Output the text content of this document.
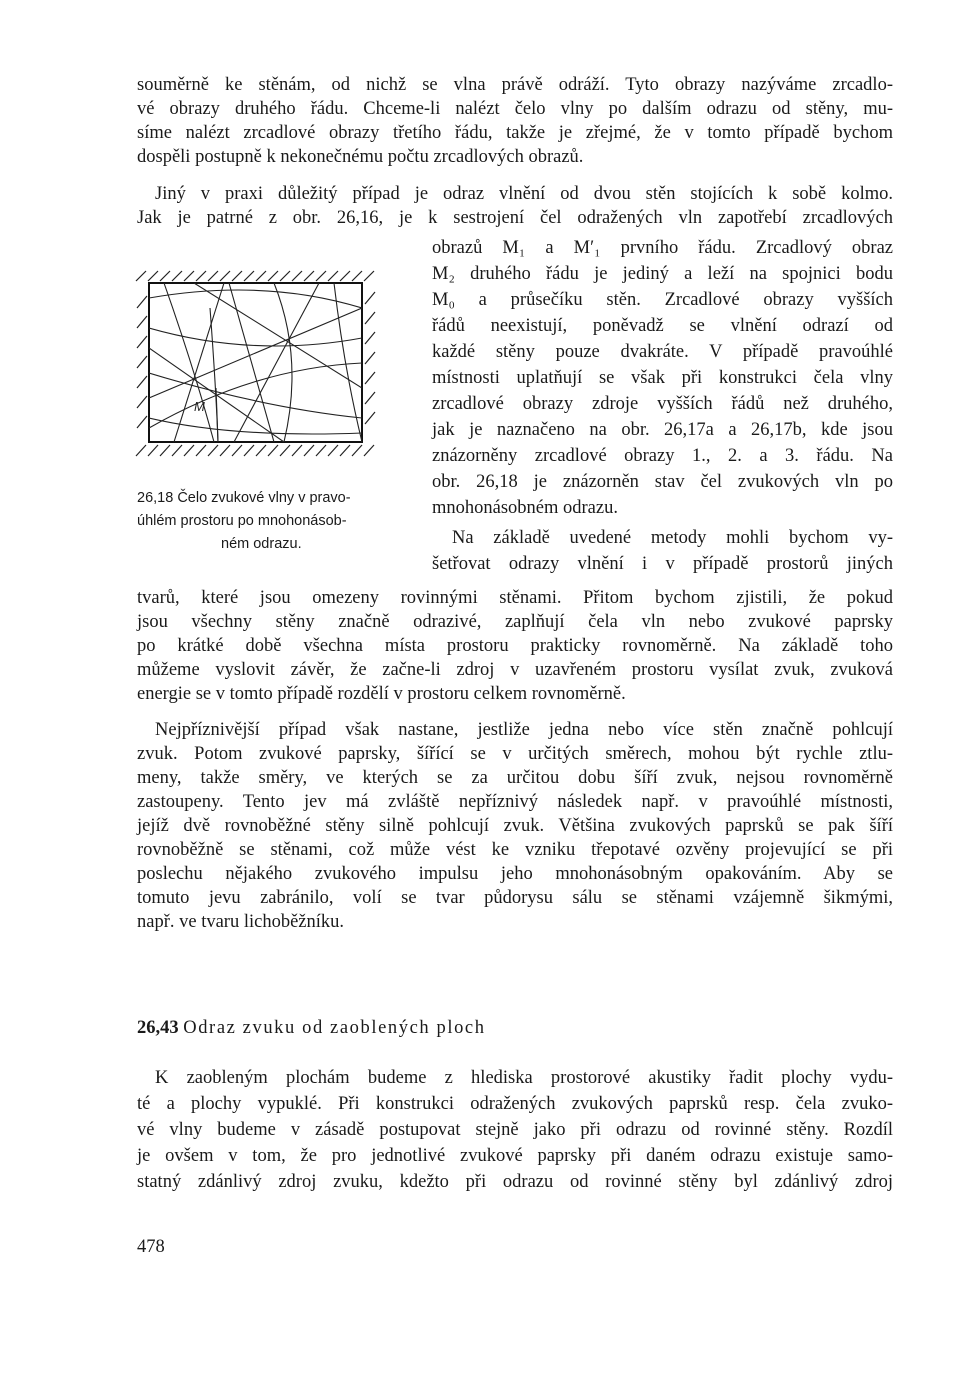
souměrně ke stěnám, od nichž se vlna právě odráží. Tyto obrazy nazýváme zrcadlo-

vé obrazy druhého řádu. Chceme-li nalézt čelo vlny po dalším odrazu od stěny, mu-

síme nalézt zrcadlové obrazy třetího řádu, takže je zřejmé, že v tomto případě bychom

dospěli postupně k nekonečnému počtu zrcadlových obrazů.

Jiný v praxi důležitý případ je odraz vlnění od dvou stěn stojících k sobě kolmo.

Jak je patrné z obr. 26,16, je k sestrojení čel odražených vln zapotřebí zrcadlových

obrazů M₁ a M′₁ prvního řádu. Zrcadlový obraz

M₂ druhého řádu je jediný a leží na spojnici bodu

M₀ a průsečíku stěn. Zrcadlové obrazy vyšších

řádů neexistují, poněvadž se vlnění odrazí od

každé stěny pouze dvakráte. V případě pravoúhlé

místnosti uplatňují se však při konstrukci čela vlny

zrcadlové obrazy zdroje vyšších řádů než druhého,

jak je naznačeno na obr. 26,17a a 26,17b, kde jsou

znázorněny zrcadlové obrazy 1., 2. a 3. řádu. Na

obr. 26,18 je znázorněn stav čel zvukových vln po

mnohonásobném odrazu.

Na základě uvedené metody mohli bychom vy-

šetřovat odrazy vlnění i v případě prostorů jiných

M

26,18 Čelo zvukové vlny v pravo-

úhlém prostoru po mnohonásob-

ném odrazu.

tvarů, které jsou omezeny rovinnými stěnami. Přitom bychom zjistili, že pokud

jsou všechny stěny značně odrazivé, zaplňují čela vln nebo zvukové paprsky

po krátké době všechna místa prostoru prakticky rovnoměrně. Na základě toho

můžeme vyslovit závěr, že začne-li zdroj v uzavřeném prostoru vysílat zvuk, zvuková

energie se v tomto případě rozdělí v prostoru celkem rovnoměrně.

Nejpříznivější případ však nastane, jestliže jedna nebo více stěn značně pohlcují

zvuk. Potom zvukové paprsky, šířící se v určitých směrech, mohou být rychle ztlu-

meny, takže směry, ve kterých se za určitou dobu šíří zvuk, nejsou rovnoměrně

zastoupeny. Tento jev má zvláště nepříznivý následek např. v pravoúhlé místnosti,

jejíž dvě rovnoběžné stěny silně pohlcují zvuk. Většina zvukových paprsků se pak šíří

rovnoběžně se stěnami, což může vést ke vzniku třepotavé ozvěny projevující se při

poslechu nějakého zvukového impulsu jeho mnohonásobným opakováním. Aby se

tomuto jevu zabránilo, volí se tvar půdorysu sálu se stěnami vzájemně šikmými,

např. ve tvaru lichoběžníku.

26,43 Odraz zvuku od zaoblených ploch

K zaobleným plochám budeme z hlediska prostorové akustiky řadit plochy vydu-

té a plochy vypuklé. Při konstrukci odražených zvukových paprsků resp. čela zvuko-

vé vlny budeme v zásadě postupovat stejně jako při odrazu od rovinné stěny. Rozdíl

je ovšem v tom, že pro jednotlivé zvukové paprsky při daném odrazu existuje samo-

statný zdánlivý zdroj zvuku, kdežto při odrazu od rovinné stěny byl zdánlivý zdroj

478
